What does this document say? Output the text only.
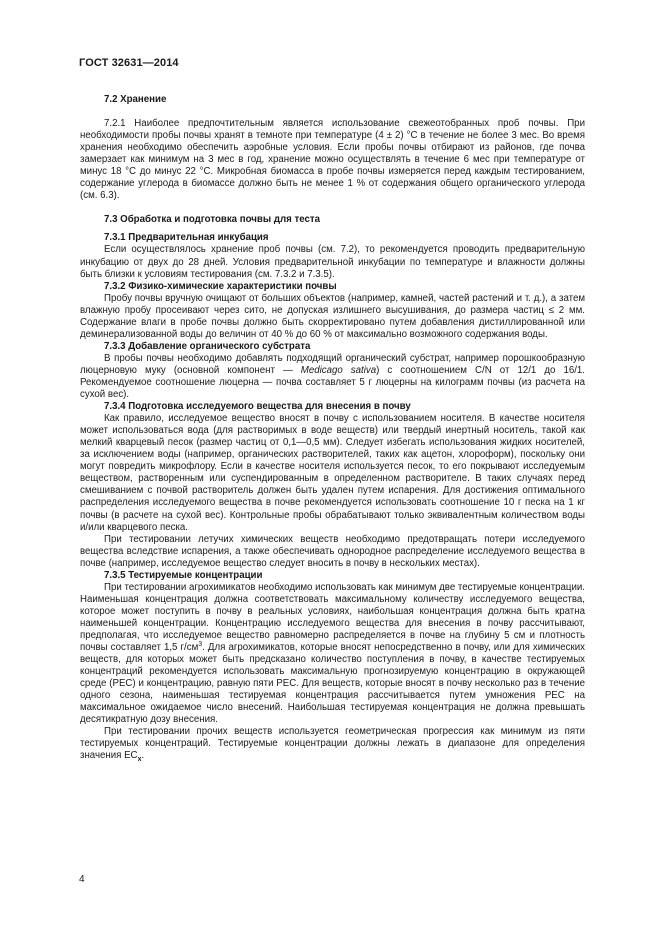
ГОСТ 32631—2014
7.2 Хранение

7.2.1 Наиболее предпочтительным является использование свежеотобранных проб почвы. При необходимости пробы почвы хранят в темноте при температуре (4 ± 2) °С в течение не более 3 мес. Во время хранения необходимо обеспечить аэробные условия. Если пробы почвы отбирают из районов, где почва замерзает как минимум на 3 мес в год, хранение можно осуществлять в течение 6 мес при температуре от минус 18 °С до минус 22 °С. Микробная биомасса в пробе почвы измеряется перед каждым тестированием, содержание углерода в биомассе должно быть не менее 1 % от содержания общего органического углерода (см. 6.3).

7.3 Обработка и подготовка почвы для теста
7.3.1 Предварительная инкубация

Если осуществлялось хранение проб почвы (см. 7.2), то рекомендуется проводить предварительную инкубацию от двух до 28 дней. Условия предварительной инкубации по температуре и влажности должны быть близки к условиям тестирования (см. 7.3.2 и 7.3.5).

7.3.2 Физико-химические характеристики почвы

Пробу почвы вручную очищают от больших объектов (например, камней, частей растений и т. д.), а затем влажную пробу просеивают через сито, не допуская излишнего высушивания, до размера частиц ≤ 2 мм. Содержание влаги в пробе почвы должно быть скорректировано путем добавления дистиллированной или деминерализованной воды до величин от 40 % до 60 % от максимально возможного содержания воды.

7.3.3 Добавление органического субстрата

В пробы почвы необходимо добавлять подходящий органический субстрат, например порошкообразную люцерновую муку (основной компонент — Medicago sativa) с соотношением С/N от 12/1 до 16/1. Рекомендуемое соотношение люцерна — почва составляет 5 г люцерны на килограмм почвы (из расчета на сухой вес).

7.3.4 Подготовка исследуемого вещества для внесения в почву

Как правило, исследуемое вещество вносят в почву с использованием носителя. В качестве носителя может использоваться вода (для растворимых в воде веществ) или твердый инертный носитель, такой как мелкий кварцевый песок (размер частиц от 0,1—0,5 мм). Следует избегать использования жидких носителей, за исключением воды (например, органических растворителей, таких как ацетон, хлороформ), поскольку они могут повредить микрофлору. Если в качестве носителя используется песок, то его покрывают исследуемым веществом, растворенным или суспендированным в определенном растворителе. В таких случаях перед смешиванием с почвой растворитель должен быть удален путем испарения. Для достижения оптимального распределения исследуемого вещества в почве рекомендуется использовать соотношение 10 г песка на 1 кг почвы (в расчете на сухой вес). Контрольные пробы обрабатывают только эквивалентным количеством воды и/или кварцевого песка.

При тестировании летучих химических веществ необходимо предотвращать потери исследуемого вещества вследствие испарения, а также обеспечивать однородное распределение исследуемого вещества в почве (например, исследуемое вещество следует вносить в почву в нескольких местах).

7.3.5 Тестируемые концентрации

При тестировании агрохимикатов необходимо использовать как минимум две тестируемые концентрации. Наименьшая концентрация должна соответствовать максимальному количеству исследуемого вещества, которое может поступить в почву в реальных условиях, наибольшая концентрация должна быть кратна наименьшей концентрации. Концентрацию исследуемого вещества для внесения в почву рассчитывают, предполагая, что исследуемое вещество равномерно распределяется в почве на глубину 5 см и плотность почвы составляет 1,5 $г/см^3$. Для агрохимикатов, которые вносят непосредственно в почву, или для химических веществ, для которых может быть предсказано количество поступления в почву, в качестве тестируемых концентраций рекомендуется использовать максимальную прогнозируемую концентрацию в окружающей среде (РЕС) и концентрацию, равную пяти РЕС. Для веществ, которые вносят в почву несколько раз в течение одного сезона, наименьшая тестируемая концентрация рассчитывается путем умножения РЕС на максимальное ожидаемое число внесений. Наибольшая тестируемая концентрация не должна превышать десятикратную дозу внесения.

При тестировании прочих веществ используется геометрическая прогрессия как минимум из пяти тестируемых концентраций. Тестируемые концентрации должны лежать в диапазоне для определения значения $ЕС_х$.

4
